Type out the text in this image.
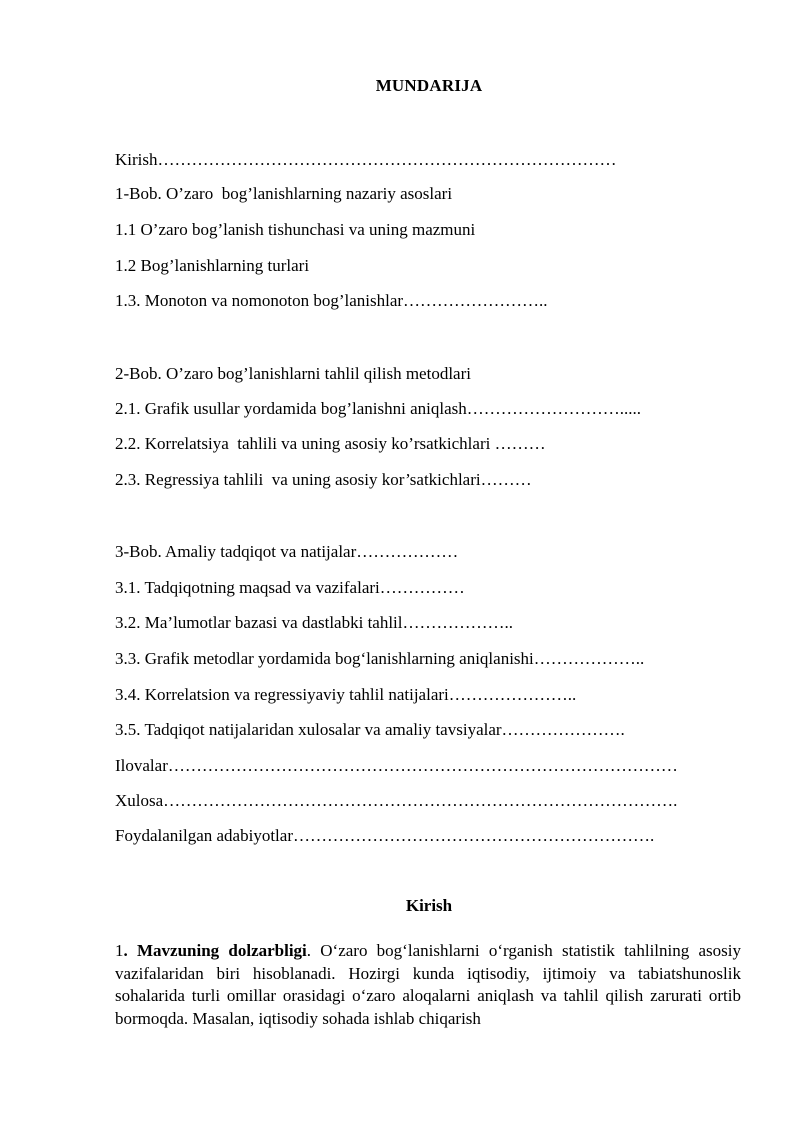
MUNDARIJA
Kirish………………………………………………………………………
1-Bob. O’zaro  bog’lanishlarning nazariy asoslari
1.1 O’zaro bog’lanish tishunchasi va uning mazmuni
1.2 Bog’lanishlarning turlari
1.3. Monoton va nomonoton bog’lanishlar……………………..
2-Bob. O’zaro bog’lanishlarni tahlil qilish metodlari
2.1. Grafik usullar yordamida bog’lanishni aniqlash……………………….....
2.2. Korrelatsiya  tahlili va uning asosiy ko’rsatkichlari ………
2.3. Regressiya tahlili  va uning asosiy kor’satkichlari………
3-Bob. Amaliy tadqiqot va natijalar………………
3.1. Tadqiqotning maqsad va vazifalari……………
3.2. Ma’lumotlar bazasi va dastlabki tahlil………………..
3.3. Grafik metodlar yordamida bog‘lanishlarning aniqlanishi………………..
3.4. Korrelatsion va regressiyaviy tahlil natijalari…………………..
3.5. Tadqiqot natijalaridan xulosalar va amaliy tavsiyalar………………….
Ilovalar………………………………………………………………………………
Xulosa……………………………………………………………………………….
Foydalanilgan adabiyotlar……………………………………………………….
Kirish
1. Mavzuning dolzarbligi. O‘zaro bog‘lanishlarni o‘rganish statistik tahlilning asosiy vazifalaridan biri hisoblanadi. Hozirgi kunda iqtisodiy, ijtimoiy va tabiatshunoslik sohalarida turli omillar orasidagi o‘zaro aloqalarni aniqlash va tahlil qilish zarurati ortib bormoqda. Masalan, iqtisodiy sohada ishlab chiqarish
